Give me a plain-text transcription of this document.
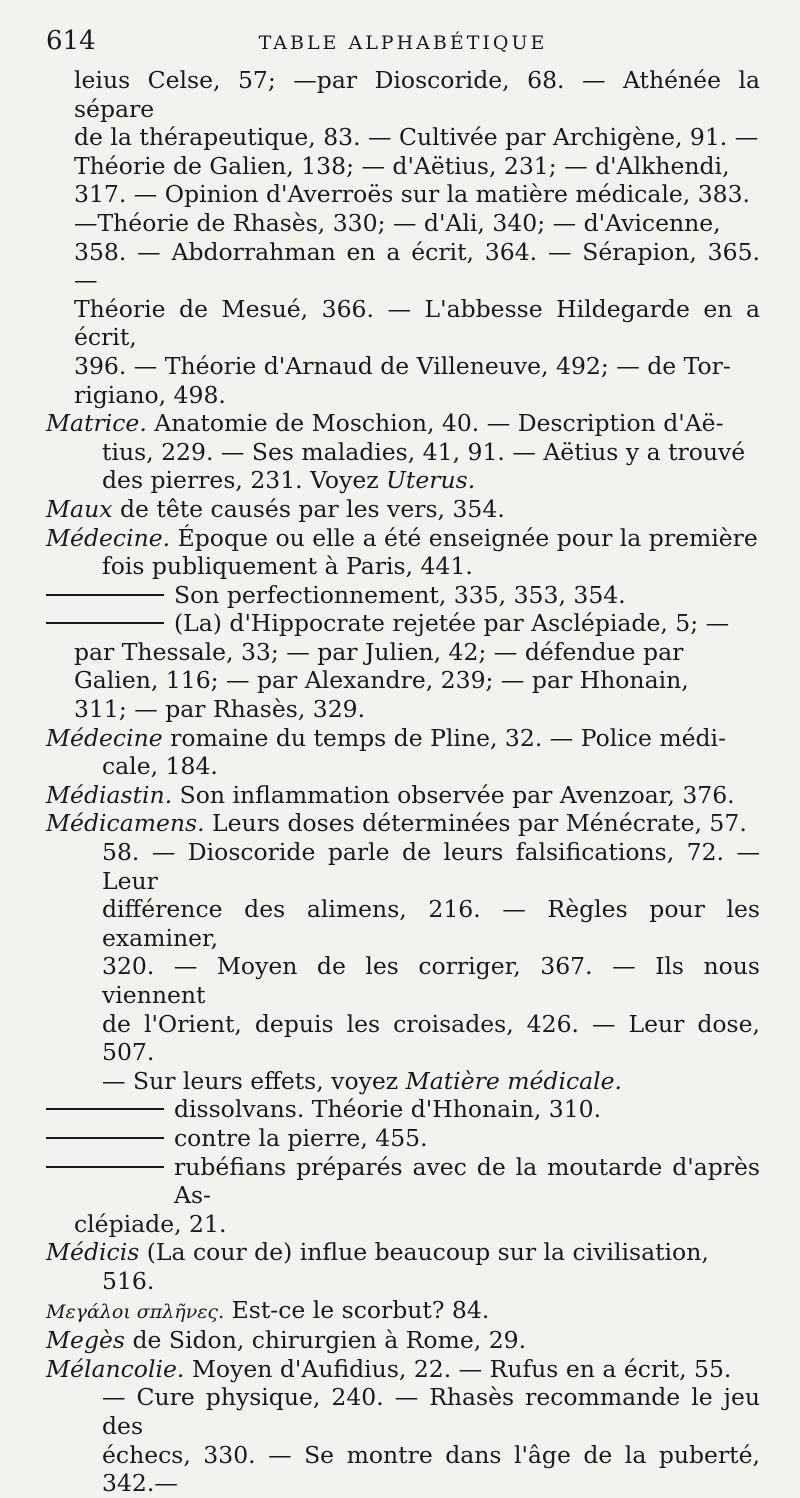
614	TABLE ALPHABÉTIQUE
leius Celse, 57; —par Dioscoride, 68. — Athénée la sépare
de la thérapeutique, 83. — Cultivée par Archigène, 91. —
Théorie de Galien, 138; — d'Aëtius, 231; — d'Alkhendi,
317. — Opinion d'Averroës sur la matière médicale, 383.
—Théorie de Rhasès, 330; — d'Ali, 340; — d'Avicenne,
358. — Abdorrahman en a écrit, 364. — Sérapion, 365. —
Théorie de Mesué, 366. — L'abbesse Hildegarde en a écrit,
396. — Théorie d'Arnaud de Villeneuve, 492; — de Tor-
rigiano, 498.
Matrice. Anatomie de Moschion, 40. — Description d'Aë-
tius, 229. — Ses maladies, 41, 91. — Aëtius y a trouvé
des pierres, 231. Voyez Uterus.
Maux de tête causés par les vers, 354.
Médecine. Époque ou elle a été enseignée pour la première
fois publiquement à Paris, 441.
Son perfectionnement, 335, 353, 354.
(La) d'Hippocrate rejetée par Asclépiade, 5; —
par Thessale, 33; — par Julien, 42; — défendue par
Galien, 116; — par Alexandre, 239; — par Hhonain,
311; — par Rhasès, 329.
Médecine romaine du temps de Pline, 32. — Police médi-
cale, 184.
Médiastin. Son inflammation observée par Avenzoar, 376.
Médicamens. Leurs doses déterminées par Ménécrate, 57.
58. — Dioscoride parle de leurs falsifications, 72. — Leur
différence des alimens, 216. — Règles pour les examiner,
320. — Moyen de les corriger, 367. — Ils nous viennent
de l'Orient, depuis les croisades, 426. — Leur dose, 507.
— Sur leurs effets, voyez Matière médicale.
dissolvans. Théorie d'Hhonain, 310.
contre la pierre, 455.
rubéfians préparés avec de la moutarde d'après As-
clépiade, 21.
Médicis (La cour de) influe beaucoup sur la civilisation,
516.
Μεγάλοι σπλῆνες. Est-ce le scorbut? 84.
Megès de Sidon, chirurgien à Rome, 29.
Mélancolie. Moyen d'Aufidius, 22. — Rufus en a écrit, 55.
— Cure physique, 240. — Rhasès recommande le jeu des
échecs, 330. — Se montre dans l'âge de la puberté, 342.—
